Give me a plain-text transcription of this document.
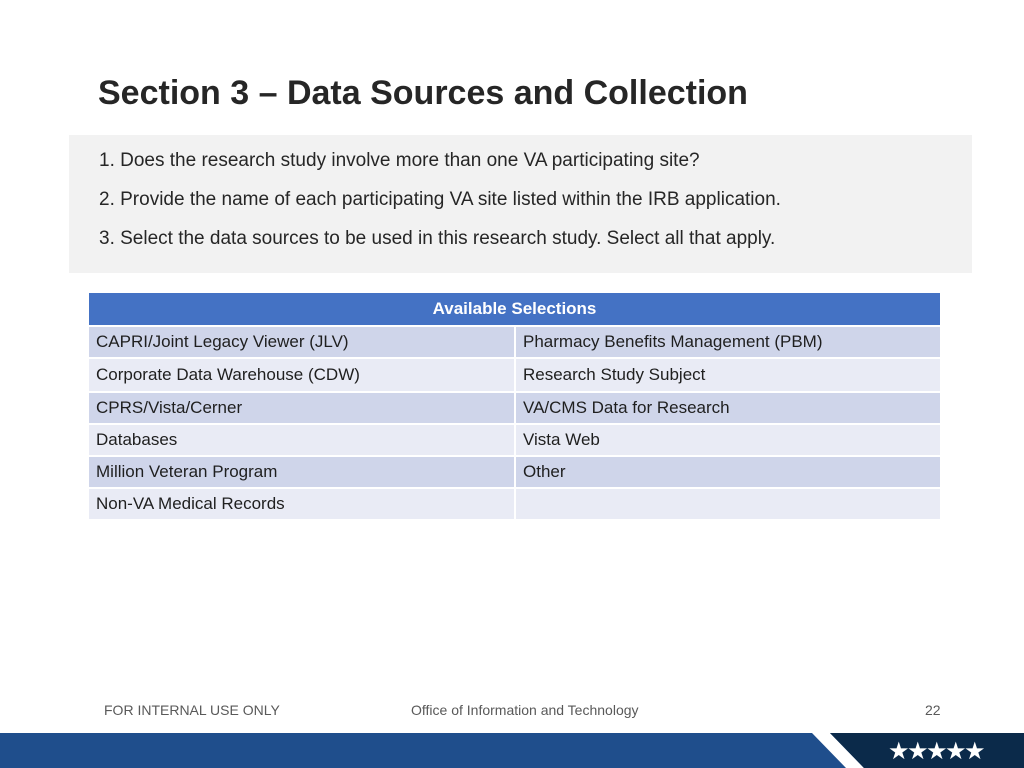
Section 3 – Data Sources and Collection
1. Does the research study involve more than one VA participating site?
2. Provide the name of each participating VA site listed within the IRB application.
3. Select the data sources to be used in this research study. Select all that apply.
Available Selections	
CAPRI/Joint Legacy Viewer (JLV)	Pharmacy Benefits Management (PBM)
Corporate Data Warehouse (CDW)	Research Study Subject
CPRS/Vista/Cerner	VA/CMS Data for Research
Databases	Vista Web
Million Veteran Program	Other
Non-VA Medical Records	
FOR INTERNAL USE ONLY	Office of Information and Technology	22
★
★
★
★
★
